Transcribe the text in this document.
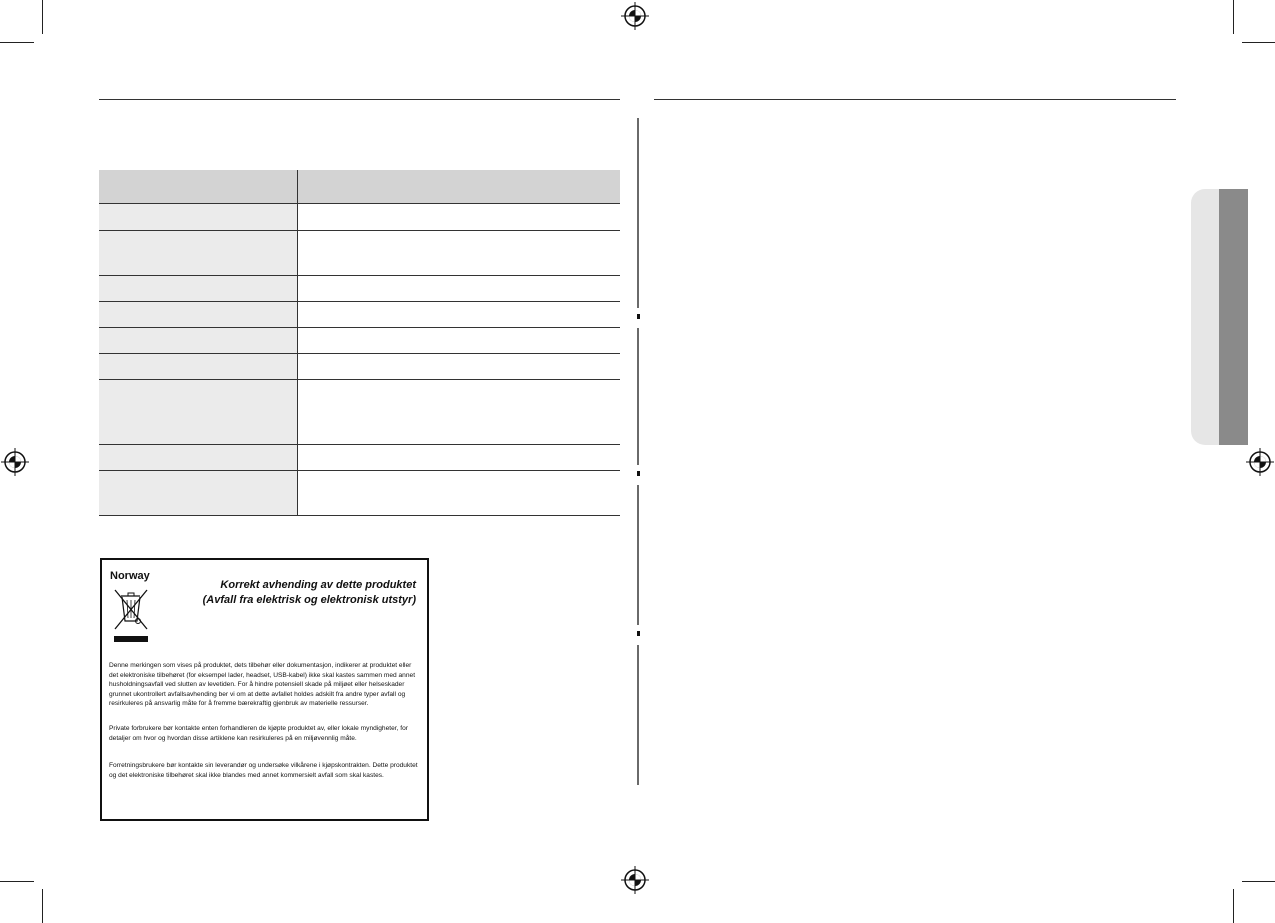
Norway
Korrekt avhending av dette produktet
(Avfall fra elektrisk og elektronisk utstyr)

Denne merkingen som vises på produktet, dets tilbehør eller dokumentasjon, indikerer at produktet eller det elektroniske tilbehøret (for eksempel lader, headset, USB-kabel) ikke skal kastes sammen med annet husholdningsavfall ved slutten av levetiden. For å hindre potensiell skade på miljøet eller helseskader grunnet ukontrollert avfallsavhending ber vi om at dette avfallet holdes adskilt fra andre typer avfall og resirkuleres på ansvarlig måte for å fremme bærekraftig gjenbruk av materielle ressurser.

Private forbrukere bør kontakte enten forhandleren de kjøpte produktet av, eller lokale myndigheter, for detaljer om hvor og hvordan disse artiklene kan resirkuleres på en miljøvennlig måte.

Forretningsbrukere bør kontakte sin leverandør og undersøke vilkårene i kjøpskontrakten. Dette produktet og det elektroniske tilbehøret skal ikke blandes med annet kommersielt avfall som skal kastes.
